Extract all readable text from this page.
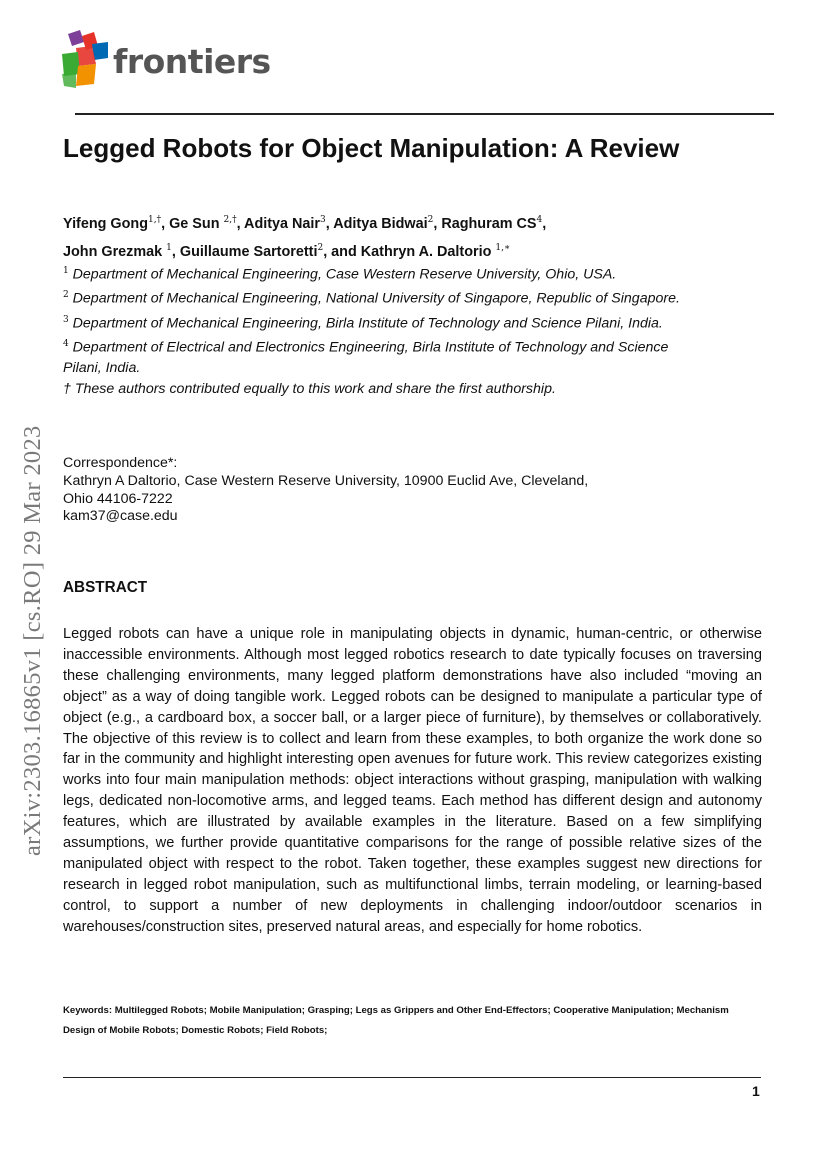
frontiers
arXiv:2303.16865v1 [cs.RO] 29 Mar 2023
Legged Robots for Object Manipulation: A Review
Yifeng Gong$^{1,\dagger}$, Ge Sun $^{2,\dagger}$, Aditya Nair$^3$, Aditya Bidwai$^2$, Raghuram $CS^4$,
John Grezmak $^1$, Guillaume Sartoretti$^2$, and Kathryn A. Daltorio $^{1,∗}$
$^1$ Department of Mechanical Engineering, Case Western Reserve University, Ohio, USA.
$^2$ Department of Mechanical Engineering, National University of Singapore, Republic of Singapore.
$^3$ Department of Mechanical Engineering, Birla Institute of Technology and Science Pilani, India.
$^4$ Department of Electrical and Electronics Engineering, Birla Institute of Technology and Science Pilani, India.
† These authors contributed equally to this work and share the first authorship.
Correspondence*:
Kathryn A Daltorio, Case Western Reserve University, 10900 Euclid Ave, Cleveland,
Ohio 44106-7222
kam37@case.edu
ABSTRACT
Legged robots can have a unique role in manipulating objects in dynamic, human-centric, or otherwise inaccessible environments. Although most legged robotics research to date typically focuses on traversing these challenging environments, many legged platform demonstrations have also included “moving an object” as a way of doing tangible work. Legged robots can be designed to manipulate a particular type of object (e.g., a cardboard box, a soccer ball, or a larger piece of furniture), by themselves or collaboratively. The objective of this review is to collect and learn from these examples, to both organize the work done so far in the community and highlight interesting open avenues for future work. This review categorizes existing works into four main manipulation methods: object interactions without grasping, manipulation with walking legs, dedicated non-locomotive arms, and legged teams. Each method has different design and autonomy features, which are illustrated by available examples in the literature. Based on a few simplifying assumptions, we further provide quantitative comparisons for the range of possible relative sizes of the manipulated object with respect to the robot. Taken together, these examples suggest new directions for research in legged robot manipulation, such as multifunctional limbs, terrain modeling, or learning-based control, to support a number of new deployments in challenging indoor/outdoor scenarios in warehouses/construction sites, preserved natural areas, and especially for home robotics.
Keywords: Multilegged Robots; Mobile Manipulation; Grasping; Legs as Grippers and Other End-Effectors; Cooperative Manipulation; Mechanism Design of Mobile Robots; Domestic Robots; Field Robots;
1
